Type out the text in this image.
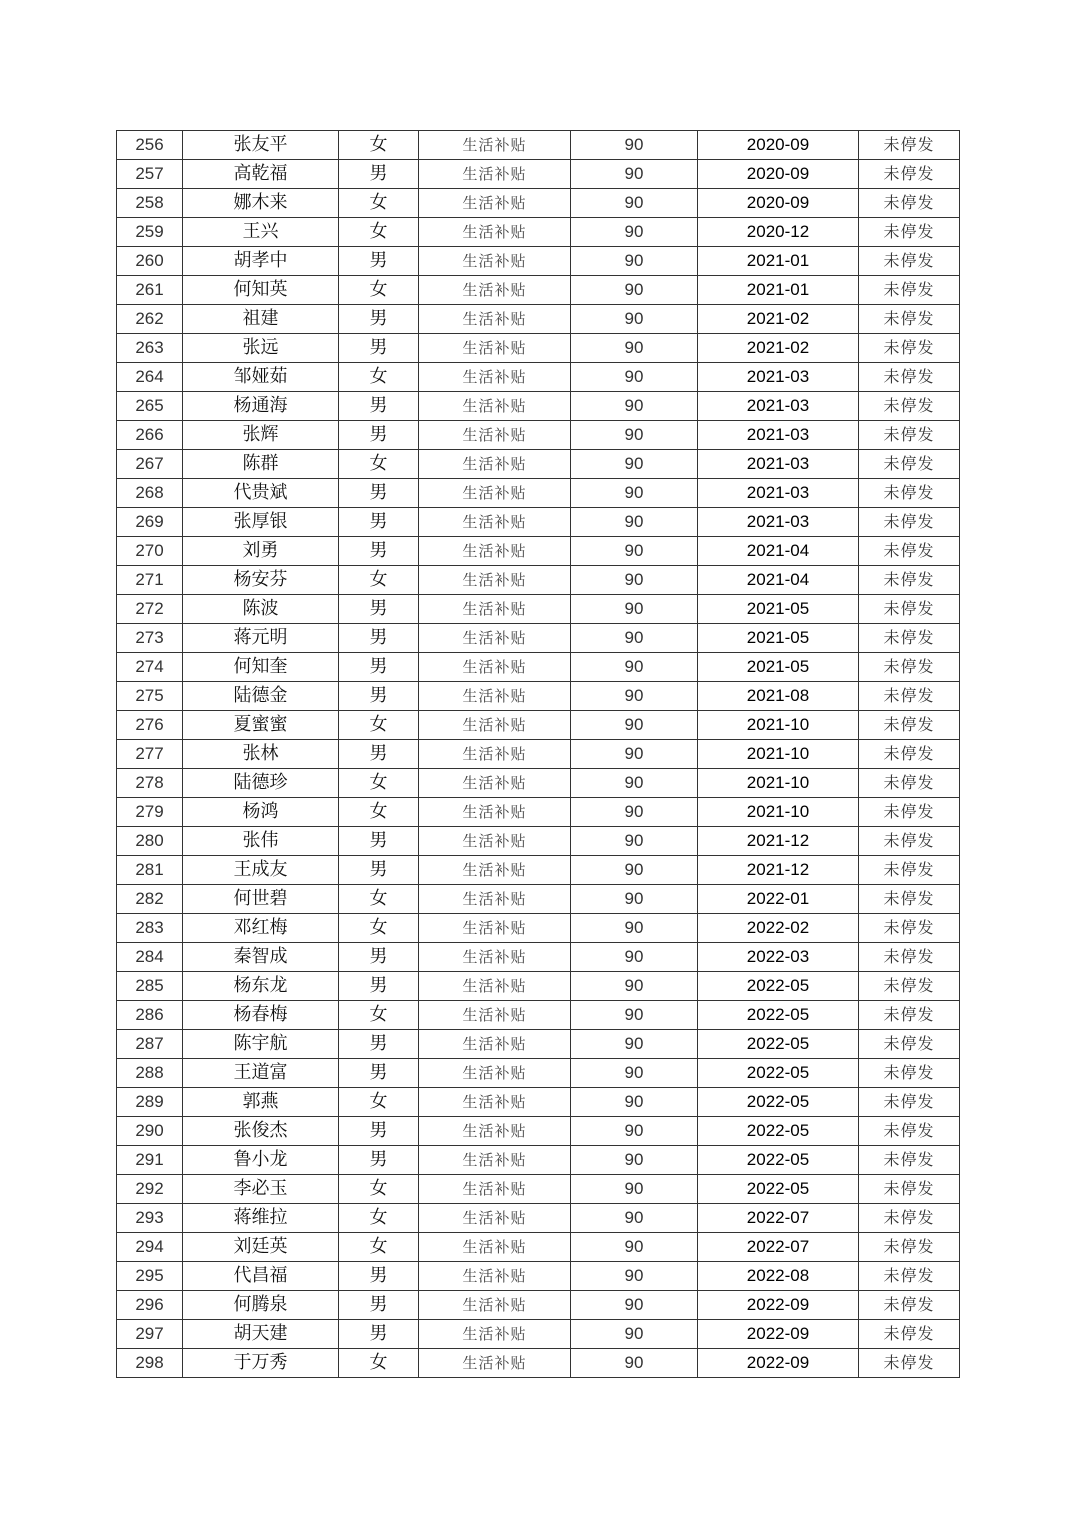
256	张友平	女	生活补贴	90	2020-09	未停发
257	高乾福	男	生活补贴	90	2020-09	未停发
258	娜木来	女	生活补贴	90	2020-09	未停发
259	王兴	女	生活补贴	90	2020-12	未停发
260	胡孝中	男	生活补贴	90	2021-01	未停发
261	何知英	女	生活补贴	90	2021-01	未停发
262	祖建	男	生活补贴	90	2021-02	未停发
263	张远	男	生活补贴	90	2021-02	未停发
264	邹娅茹	女	生活补贴	90	2021-03	未停发
265	杨通海	男	生活补贴	90	2021-03	未停发
266	张辉	男	生活补贴	90	2021-03	未停发
267	陈群	女	生活补贴	90	2021-03	未停发
268	代贵斌	男	生活补贴	90	2021-03	未停发
269	张厚银	男	生活补贴	90	2021-03	未停发
270	刘勇	男	生活补贴	90	2021-04	未停发
271	杨安芬	女	生活补贴	90	2021-04	未停发
272	陈波	男	生活补贴	90	2021-05	未停发
273	蒋元明	男	生活补贴	90	2021-05	未停发
274	何知奎	男	生活补贴	90	2021-05	未停发
275	陆德金	男	生活补贴	90	2021-08	未停发
276	夏蜜蜜	女	生活补贴	90	2021-10	未停发
277	张林	男	生活补贴	90	2021-10	未停发
278	陆德珍	女	生活补贴	90	2021-10	未停发
279	杨鸿	女	生活补贴	90	2021-10	未停发
280	张伟	男	生活补贴	90	2021-12	未停发
281	王成友	男	生活补贴	90	2021-12	未停发
282	何世碧	女	生活补贴	90	2022-01	未停发
283	邓红梅	女	生活补贴	90	2022-02	未停发
284	秦智成	男	生活补贴	90	2022-03	未停发
285	杨东龙	男	生活补贴	90	2022-05	未停发
286	杨春梅	女	生活补贴	90	2022-05	未停发
287	陈宇航	男	生活补贴	90	2022-05	未停发
288	王道富	男	生活补贴	90	2022-05	未停发
289	郭燕	女	生活补贴	90	2022-05	未停发
290	张俊杰	男	生活补贴	90	2022-05	未停发
291	鲁小龙	男	生活补贴	90	2022-05	未停发
292	李必玉	女	生活补贴	90	2022-05	未停发
293	蒋维拉	女	生活补贴	90	2022-07	未停发
294	刘廷英	女	生活补贴	90	2022-07	未停发
295	代昌福	男	生活补贴	90	2022-08	未停发
296	何腾泉	男	生活补贴	90	2022-09	未停发
297	胡天建	男	生活补贴	90	2022-09	未停发
298	于万秀	女	生活补贴	90	2022-09	未停发
